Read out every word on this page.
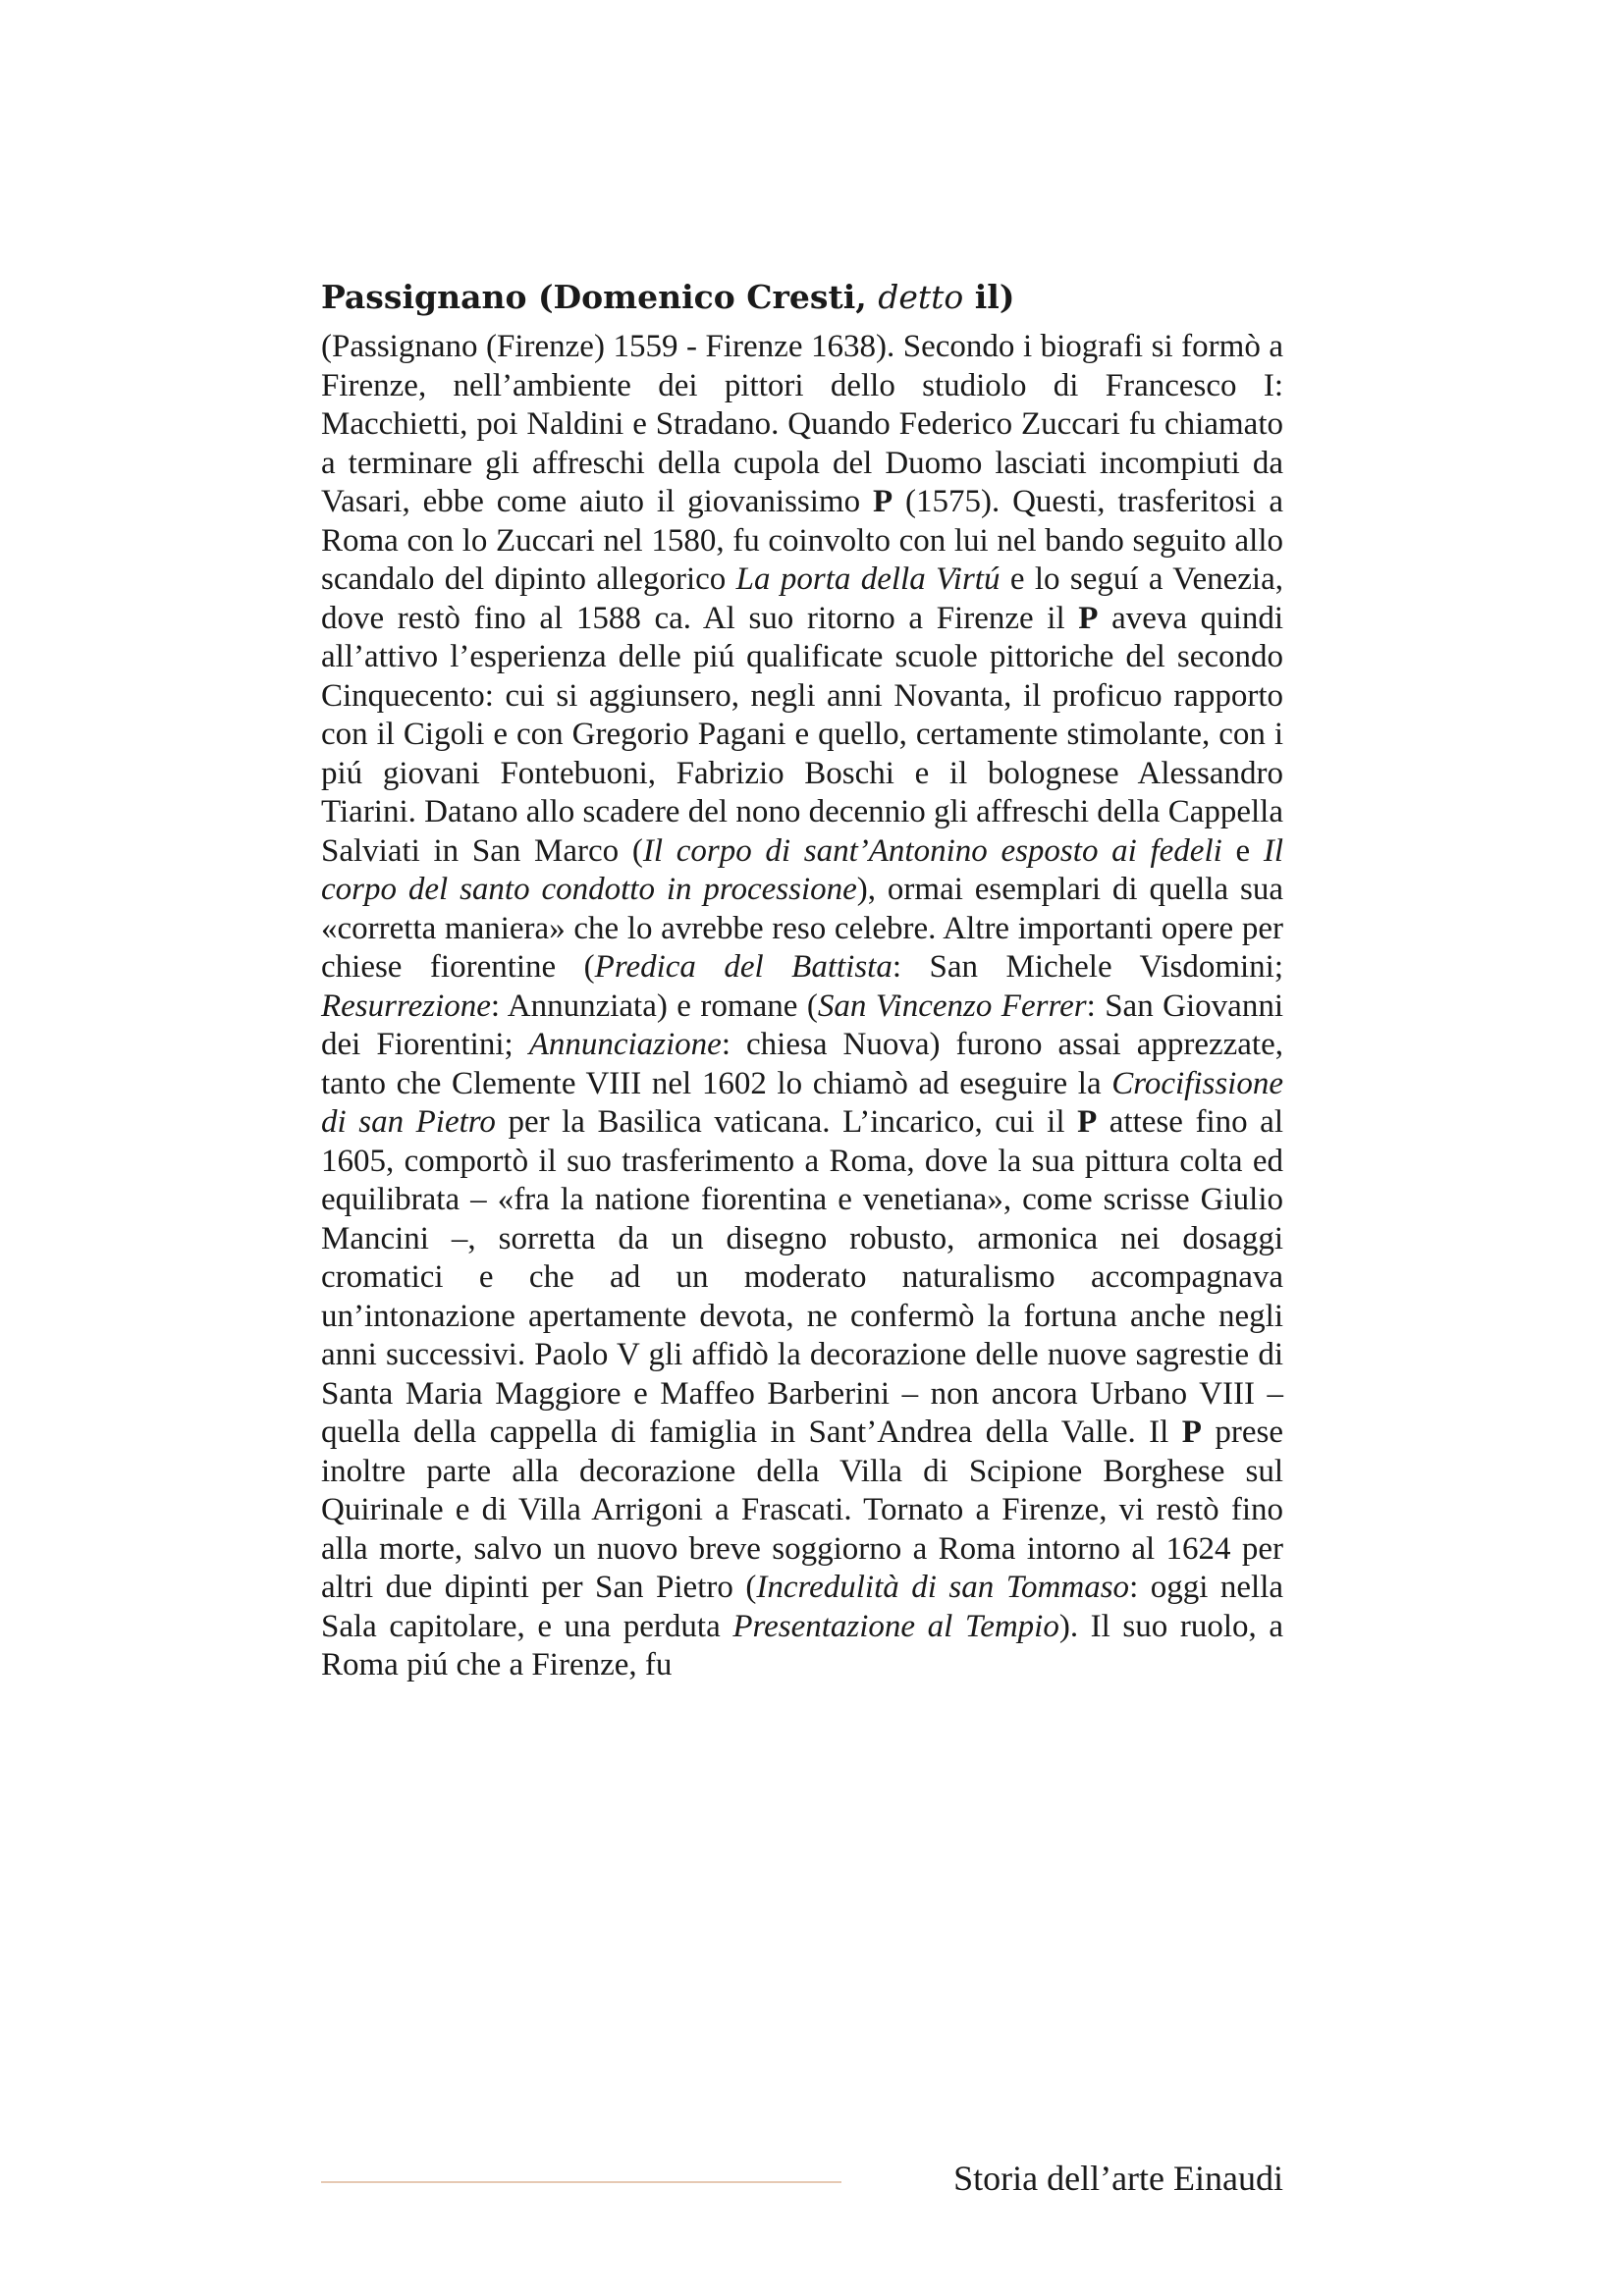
Passignano (Domenico Cresti, detto il)
(Passignano (Firenze) 1559 - Firenze 1638). Secondo i biografi si formò a Firenze, nell’ambiente dei pittori dello studiolo di Francesco I: Macchietti, poi Naldini e Stradano. Quando Federico Zuccari fu chiamato a terminare gli affreschi della cupola del Duomo lasciati incompiuti da Vasari, ebbe come aiuto il giovanissimo P (1575). Questi, trasferitosi a Roma con lo Zuccari nel 1580, fu coinvolto con lui nel bando seguito allo scandalo del dipinto allegorico La porta della Virtú e lo seguí a Venezia, dove restò fino al 1588 ca. Al suo ritorno a Firenze il P aveva quindi all’attivo l’esperienza delle piú qualificate scuole pittoriche del secondo Cinquecento: cui si aggiunsero, negli anni Novanta, il proficuo rapporto con il Cigoli e con Gregorio Pagani e quello, certamente stimolante, con i piú giovani Fontebuoni, Fabrizio Boschi e il bolognese Alessandro Tiarini. Datano allo scadere del nono decennio gli affreschi della Cappella Salviati in San Marco (Il corpo di sant’Antonino esposto ai fedeli e Il corpo del santo condotto in processione), ormai esemplari di quella sua «corretta maniera» che lo avrebbe reso celebre. Altre importanti opere per chiese fiorentine (Predica del Battista: San Michele Visdomini; Resurrezione: Annunziata) e romane (San Vincenzo Ferrer: San Giovanni dei Fiorentini; Annunciazione: chiesa Nuova) furono assai apprezzate, tanto che Clemente VIII nel 1602 lo chiamò ad eseguire la Crocifissione di san Pietro per la Basilica vaticana. L’incarico, cui il P attese fino al 1605, comportò il suo trasferimento a Roma, dove la sua pittura colta ed equilibrata – «fra la natione fiorentina e venetiana», come scrisse Giulio Mancini –, sorretta da un disegno robusto, armonica nei dosaggi cromatici e che ad un moderato naturalismo accompagnava un’intonazione apertamente devota, ne confermò la fortuna anche negli anni successivi. Paolo V gli affidò la decorazione delle nuove sagrestie di Santa Maria Maggiore e Maffeo Barberini – non ancora Urbano VIII – quella della cappella di famiglia in Sant’Andrea della Valle. Il P prese inoltre parte alla decorazione della Villa di Scipione Borghese sul Quirinale e di Villa Arrigoni a Frascati. Tornato a Firenze, vi restò fino alla morte, salvo un nuovo breve soggiorno a Roma intorno al 1624 per altri due dipinti per San Pietro (Incredulità di san Tommaso: oggi nella Sala capitolare, e una perduta Presentazione al Tempio). Il suo ruolo, a Roma piú che a Firenze, fu
Storia dell’arte Einaudi
